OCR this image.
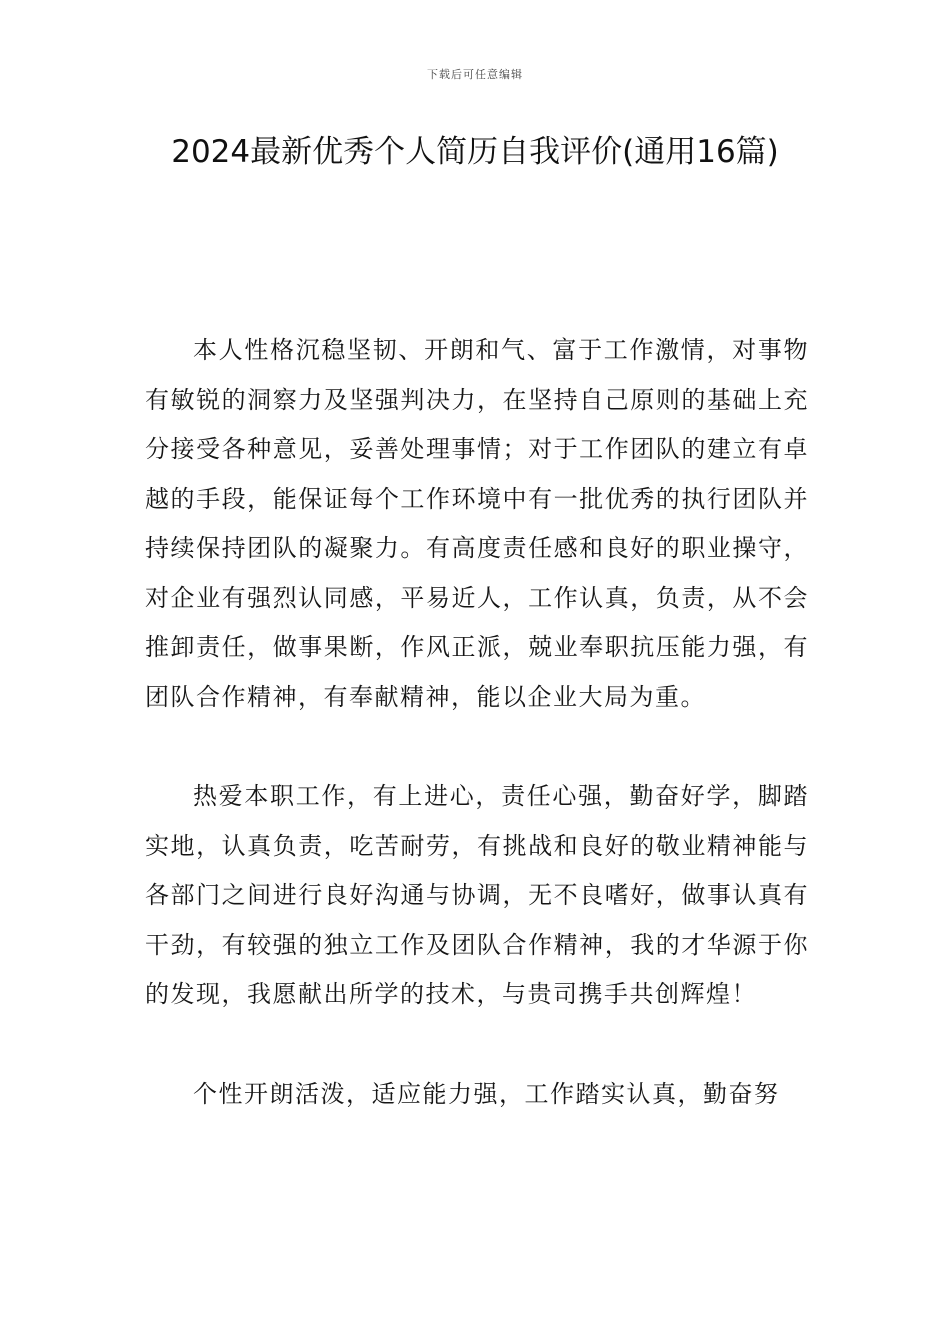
下载后可任意编辑
2024最新优秀个人简历自我评价(通用16篇)

本人性格沉稳坚韧、开朗和气、富于工作激情，对事物有敏锐的洞察力及坚强判决力，在坚持自己原则的基础上充分接受各种意见，妥善处理事情；对于工作团队的建立有卓越的手段，能保证每个工作环境中有一批优秀的执行团队并持续保持团队的凝聚力。有高度责任感和良好的职业操守，对企业有强烈认同感，平易近人，工作认真，负责，从不会推卸责任，做事果断，作风正派，兢业奉职抗压能力强，有团队合作精神，有奉献精神，能以企业大局为重。

热爱本职工作，有上进心，责任心强，勤奋好学，脚踏实地，认真负责，吃苦耐劳，有挑战和良好的敬业精神能与各部门之间进行良好沟通与协调，无不良嗜好，做事认真有干劲，有较强的独立工作及团队合作精神，我的才华源于你的发现，我愿献出所学的技术，与贵司携手共创辉煌！

个性开朗活泼，适应能力强，工作踏实认真，勤奋努
